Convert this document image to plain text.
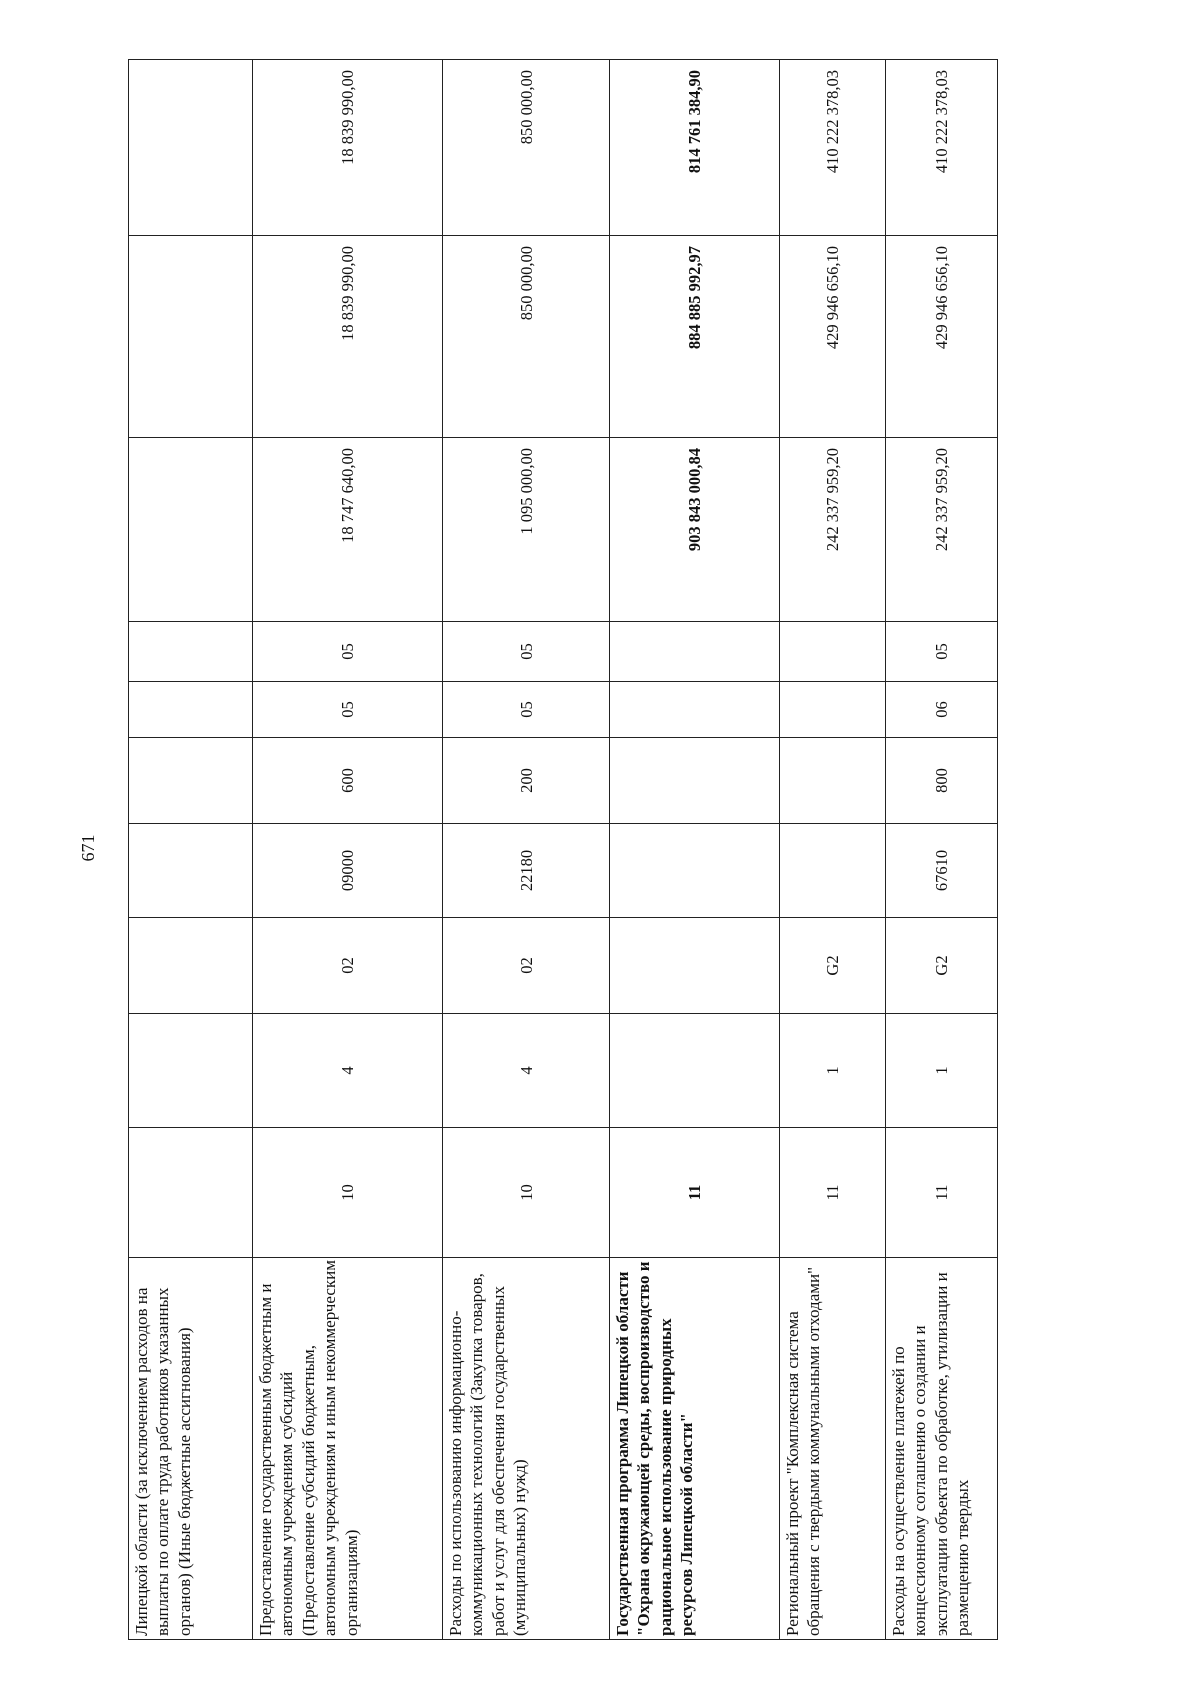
671
Липецкой области (за исключением расходов на выплаты по оплате труда работников указанных органов) (Иные бюджетные ассигнования)										
Предоставление государственным бюджетным и автономным учреждениям субсидий (Предоставление субсидий бюджетным, автономным учреждениям и иным некоммерческим организациям)	10	4	02	09000	600	05	05	18 747 640,00	18 839 990,00	18 839 990,00
Расходы по использованию информационно-коммуникационных технологий (Закупка товаров, работ и услуг для обеспечения государственных (муниципальных) нужд)	10	4	02	22180	200	05	05	1 095 000,00	850 000,00	850 000,00
Государственная программа Липецкой области "Охрана окружающей среды, воспроизводство и рациональное использование природных ресурсов Липецкой области"	11							903 843 000,84	884 885 992,97	814 761 384,90
Региональный проект "Комплексная система обращения с твердыми коммунальными отходами"	11	1	G2					242 337 959,20	429 946 656,10	410 222 378,03
Расходы на осуществление платежей по концессионному соглашению о создании и эксплуатации объекта по обработке, утилизации и размещению твердых	11	1	G2	67610	800	06	05	242 337 959,20	429 946 656,10	410 222 378,03
